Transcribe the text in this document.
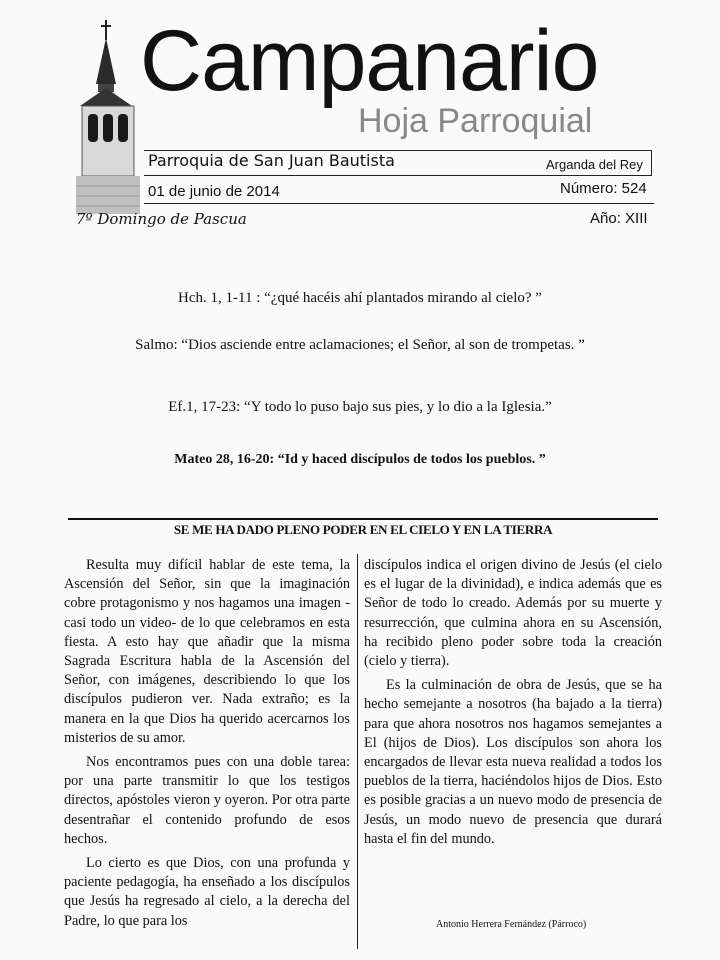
Campanario
Hoja Parroquial
Parroquia de San Juan Bautista	Arganda del Rey
01 de junio de 2014	Número: 524
7º Domingo de Pascua	Año: XIII
Hch. 1, 1-11 : “¿qué hacéis ahí plantados mirando al cielo? ”
Salmo: “Dios asciende entre aclamaciones; el Señor, al son de trompetas. ”
Ef.1, 17-23: “Y todo lo puso bajo sus pies, y lo dio a la Iglesia.”
Mateo 28, 16-20: “Id y haced discípulos de todos los pueblos. ”
SE ME HA DADO PLENO PODER EN EL CIELO Y EN LA TIERRA

Resulta muy difícil hablar de este tema, la Ascensión del Señor, sin que la imaginación cobre protagonismo y nos hagamos una imagen -casi todo un video- de lo que celebramos en esta fiesta. A esto hay que añadir que la misma Sagrada Escritura habla de la Ascensión del Señor, con imágenes, describiendo lo que los discípulos pudieron ver. Nada extraño; es la manera en la que Dios ha querido acercarnos los misterios de su amor.

Nos encontramos pues con una doble tarea: por una parte transmitir lo que los testigos directos, apóstoles vieron y oyeron. Por otra parte desentrañar el contenido profundo de esos hechos.

Lo cierto es que Dios, con una profunda y paciente pedagogía, ha enseñado a los discípulos que Jesús ha regresado al cielo, a la derecha del Padre, lo que para los

discípulos indica el origen divino de Jesús (el cielo es el lugar de la divinidad), e indica además que es Señor de todo lo creado. Además por su muerte y resurrección, que culmina ahora en su Ascensión, ha recibido pleno poder sobre toda la creación (cielo y tierra).

Es la culminación de obra de Jesús, que se ha hecho semejante a nosotros (ha bajado a la tierra) para que ahora nosotros nos hagamos semejantes a El (hijos de Dios). Los discípulos son ahora los encargados de llevar esta nueva realidad a todos los pueblos de la tierra, haciéndolos hijos de Dios. Esto es posible gracias a un nuevo modo de presencia de Jesús, un modo nuevo de presencia que durará hasta el fin del mundo.

Antonio Herrera Fernández (Párroco)
